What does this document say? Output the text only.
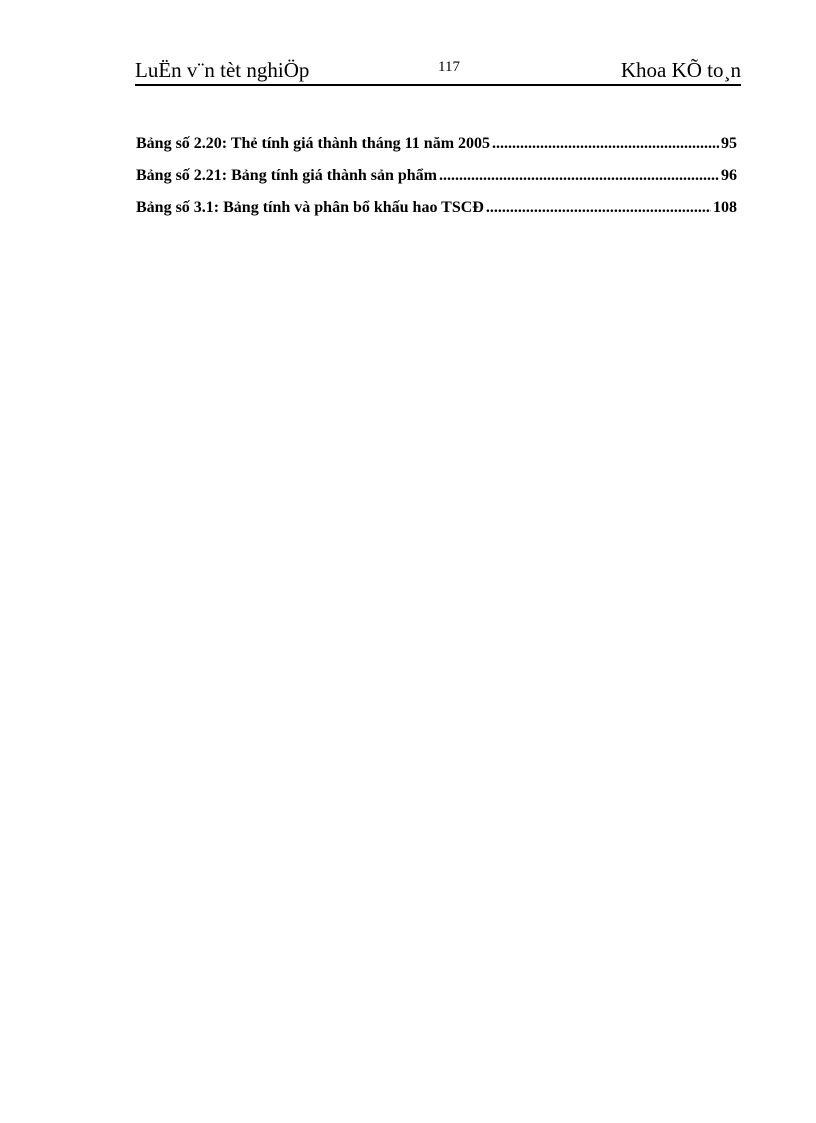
LuËn v¨n tèt nghiÖp	117	Khoa KÕ to¸n
Bảng số 2.20: Thẻ tính giá thành tháng 11 năm 2005 .....	95
Bảng số 2.21: Bảng tính giá thành sản phẩm .....	96
Bảng số 3.1: Bảng tính và phân bổ khấu hao TSCĐ .....	108
